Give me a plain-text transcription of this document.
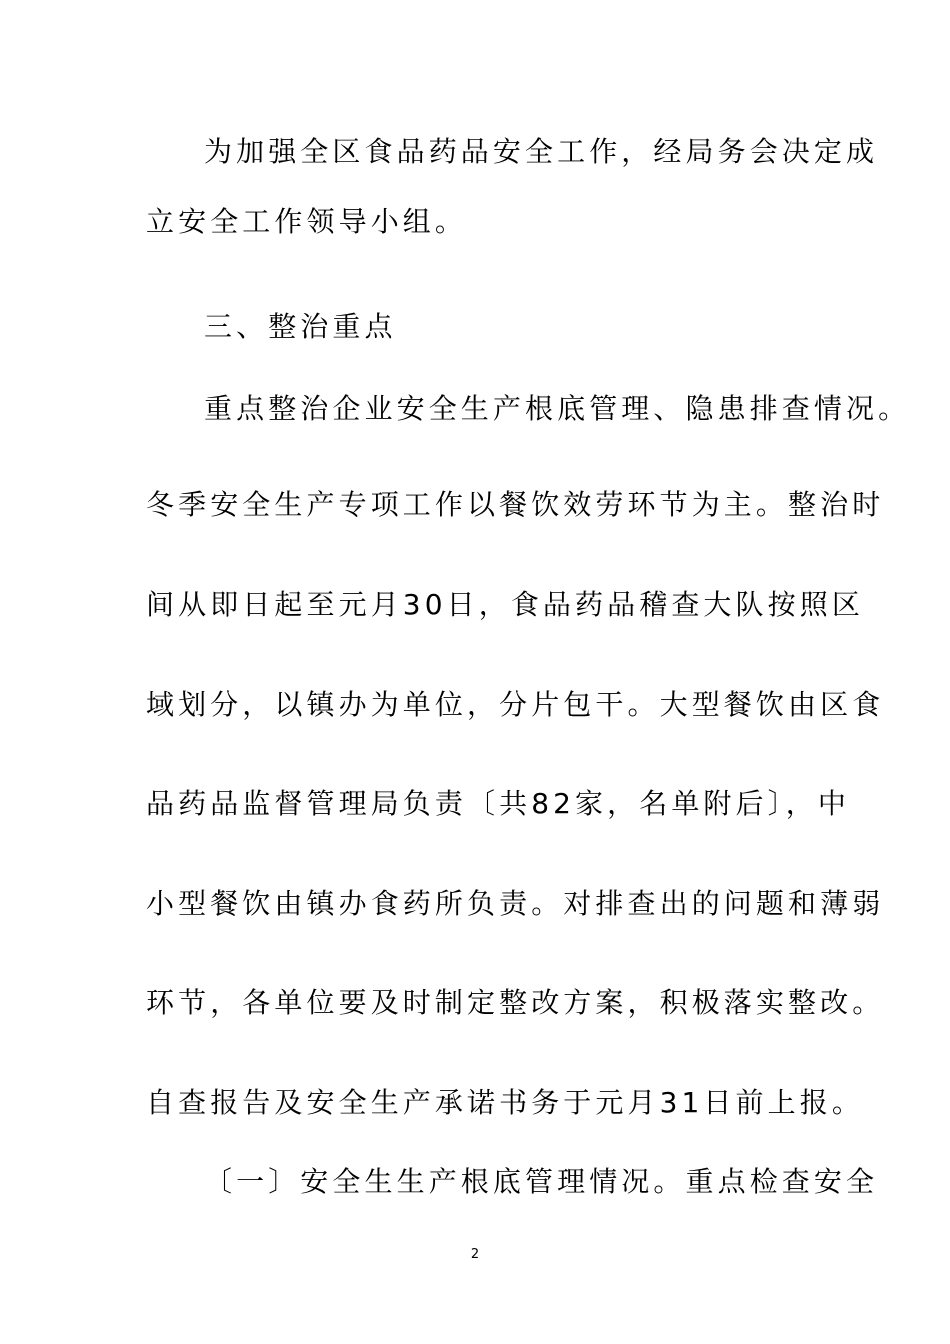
为加强全区食品药品安全工作，经局务会决定成
立安全工作领导小组。
三、整治重点
重点整治企业安全生产根底管理、隐患排查情况。
冬季安全生产专项工作以餐饮效劳环节为主。整治时
间从即日起至元月30日，食品药品稽查大队按照区
域划分，以镇办为单位，分片包干。大型餐饮由区食
品药品监督管理局负责〔共82家，名单附后〕，中
小型餐饮由镇办食药所负责。对排查出的问题和薄弱
环节，各单位要及时制定整改方案，积极落实整改。
自查报告及安全生产承诺书务于元月31日前上报。
〔一〕安全生生产根底管理情况。重点检查安全
2
